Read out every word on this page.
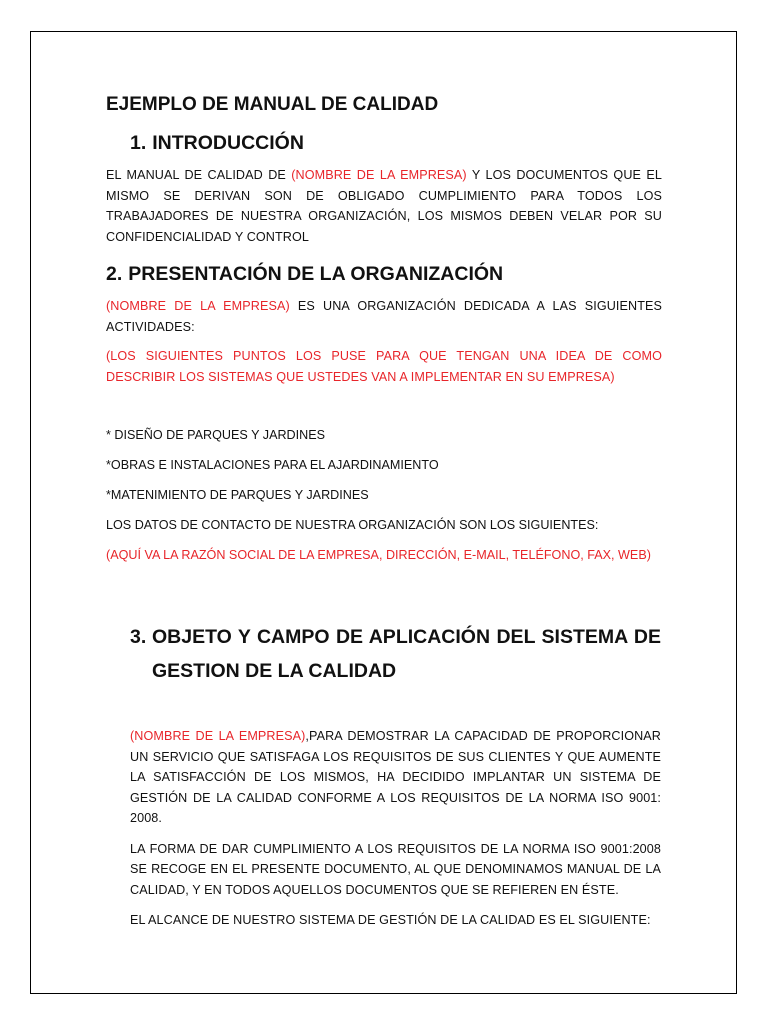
EJEMPLO DE MANUAL DE CALIDAD
1. INTRODUCCIÓN

EL MANUAL DE CALIDAD DE (NOMBRE DE LA EMPRESA) Y LOS DOCUMENTOS QUE EL MISMO SE DERIVAN SON DE OBLIGADO CUMPLIMIENTO PARA TODOS LOS TRABAJADORES DE NUESTRA ORGANIZACIÓN, LOS MISMOS DEBEN VELAR POR SU CONFIDENCIALIDAD Y CONTROL

2. PRESENTACIÓN DE LA ORGANIZACIÓN

(NOMBRE DE LA EMPRESA) ES UNA ORGANIZACIÓN DEDICADA A LAS SIGUIENTES ACTIVIDADES:

(LOS SIGUIENTES PUNTOS LOS PUSE PARA QUE TENGAN UNA IDEA DE COMO DESCRIBIR LOS SISTEMAS QUE USTEDES VAN A IMPLEMENTAR EN SU EMPRESA)

* DISEÑO DE PARQUES Y JARDINES
*OBRAS E INSTALACIONES PARA EL AJARDINAMIENTO
*MATENIMIENTO DE PARQUES Y JARDINES
LOS DATOS DE CONTACTO DE NUESTRA ORGANIZACIÓN SON LOS SIGUIENTES:
(AQUÍ VA LA RAZÓN SOCIAL DE LA EMPRESA, DIRECCIÓN, E-MAIL, TELÉFONO, FAX, WEB)
3. OBJETO Y CAMPO DE APLICACIÓN DEL SISTEMA DE
GESTION DE LA CALIDAD

(NOMBRE DE LA EMPRESA),PARA DEMOSTRAR LA CAPACIDAD DE PROPORCIONAR UN SERVICIO QUE SATISFAGA LOS REQUISITOS DE SUS CLIENTES Y QUE AUMENTE LA SATISFACCIÓN DE LOS MISMOS, HA DECIDIDO IMPLANTAR UN SISTEMA DE GESTIÓN DE LA CALIDAD CONFORME A LOS REQUISITOS DE LA NORMA ISO 9001: 2008.

LA FORMA DE DAR CUMPLIMIENTO A LOS REQUISITOS DE LA NORMA ISO 9001:2008 SE RECOGE EN EL PRESENTE DOCUMENTO, AL QUE DENOMINAMOS MANUAL DE LA CALIDAD, Y EN TODOS AQUELLOS DOCUMENTOS QUE SE REFIEREN EN ÉSTE.

EL ALCANCE DE NUESTRO SISTEMA DE GESTIÓN DE LA CALIDAD ES EL SIGUIENTE:
